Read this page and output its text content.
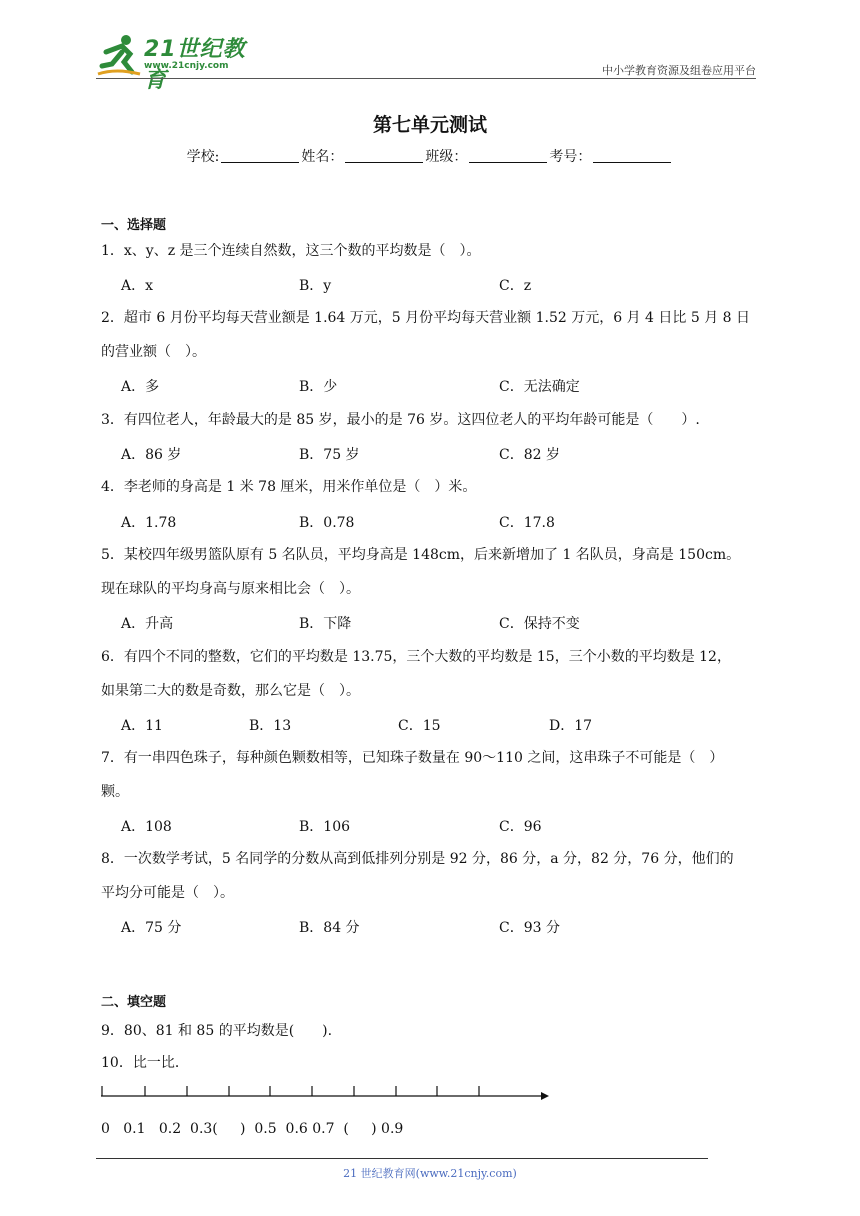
21世纪教育
www.21cnjy.com	中小学教育资源及组卷应用平台
第七单元测试
学校:	姓名：	班级：	考号：
一、选择题
1．x、y、z 是三个连续自然数，这三个数的平均数是（　）。
A．x	B．y	C．z
2．超市 6 月份平均每天营业额是 1.64 万元，5 月份平均每天营业额 1.52 万元，6 月 4 日比 5 月 8 日
的营业额（　）。
A．多	B．少	C．无法确定
3．有四位老人，年龄最大的是 85 岁，最小的是 76 岁。这四位老人的平均年龄可能是（　　）.
A．86 岁	B．75 岁	C．82 岁
4．李老师的身高是 1 米 78 厘米，用米作单位是（　）米。
A．1.78	B．0.78	C．17.8
5．某校四年级男篮队原有 5 名队员，平均身高是 148cm，后来新增加了 1 名队员，身高是 150cm。
现在球队的平均身高与原来相比会（　）。
A．升高	B．下降	C．保持不变
6．有四个不同的整数，它们的平均数是 13.75，三个大数的平均数是 15，三个小数的平均数是 12，
如果第二大的数是奇数，那么它是（　）。
A．11	B．13	C．15	D．17
7．有一串四色珠子，每种颜色颗数相等，已知珠子数量在 90～110 之间，这串珠子不可能是（　）
颗。
A．108	B．106	C．96
8．一次数学考试，5 名同学的分数从高到低排列分别是 92 分，86 分，a 分，82 分，76 分，他们的
平均分可能是（　）。
A．75 分	B．84 分	C．93 分
二、填空题
9．80、81 和 85 的平均数是(　　).
10．比一比．
0   0.1   0.2  0.3(     )  0.5  0.6 0.7  (     ) 0.9
21 世纪教育网(www.21cnjy.com)
